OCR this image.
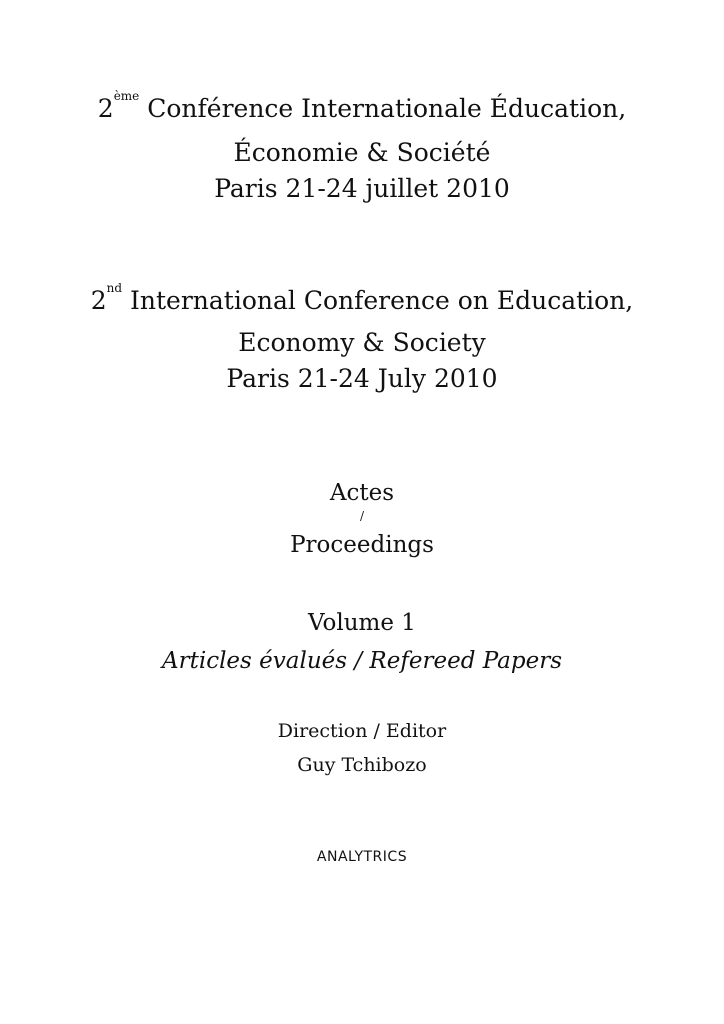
2ème Conférence Internationale Éducation,
Économie & Société
Paris 21-24 juillet 2010
2nd International Conference on Education,
Economy & Society
Paris 21-24 July 2010
Actes
/
Proceedings
Volume 1
Articles évalués / Refereed Papers
Direction / Editor
Guy Tchibozo
ANALYTRICS
